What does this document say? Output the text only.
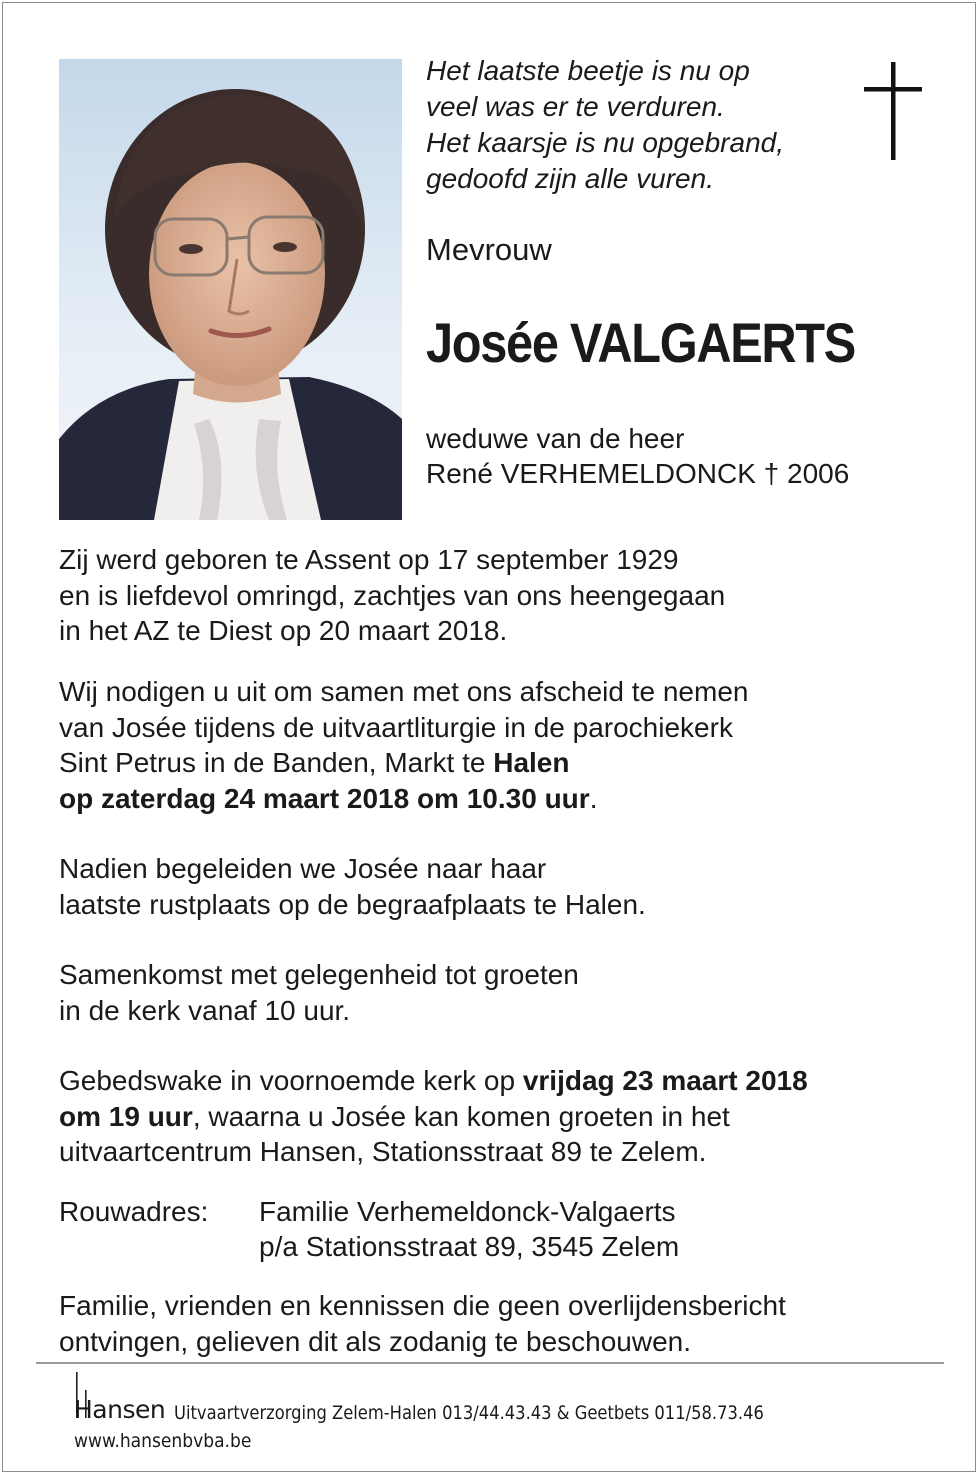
Het laatste beetje is nu op
veel was er te verduren.
Het kaarsje is nu opgebrand,
gedoofd zijn alle vuren.
Mevrouw
Josée VALGAERTS
weduwe van de heer
René VERHEMELDONCK † 2006
Zij werd geboren te Assent op 17 september 1929
en is liefdevol omringd, zachtjes van ons heengegaan
in het AZ te Diest op 20 maart 2018.
Wij nodigen u uit om samen met ons afscheid te nemen
van Josée tijdens de uitvaartliturgie in de parochiekerk
Sint Petrus in de Banden, Markt te Halen
op zaterdag 24 maart 2018 om 10.30 uur.
Nadien begeleiden we Josée naar haar
laatste rustplaats op de begraafplaats te Halen.
Samenkomst met gelegenheid tot groeten
in de kerk vanaf 10 uur.
Gebedswake in voornoemde kerk op vrijdag 23 maart 2018
om 19 uur, waarna u Josée kan komen groeten in het
uitvaartcentrum Hansen, Stationsstraat 89 te Zelem.
Rouwadres: Familie Verhemeldonck-Valgaerts
p/a Stationsstraat 89, 3545 Zelem
Familie, vrienden en kennissen die geen overlijdensbericht
ontvingen, gelieven dit als zodanig te beschouwen.
Hansen Uitvaartverzorging Zelem-Halen 013/44.43.43 & Geetbets 011/58.73.46
www.hansenbvba.be
